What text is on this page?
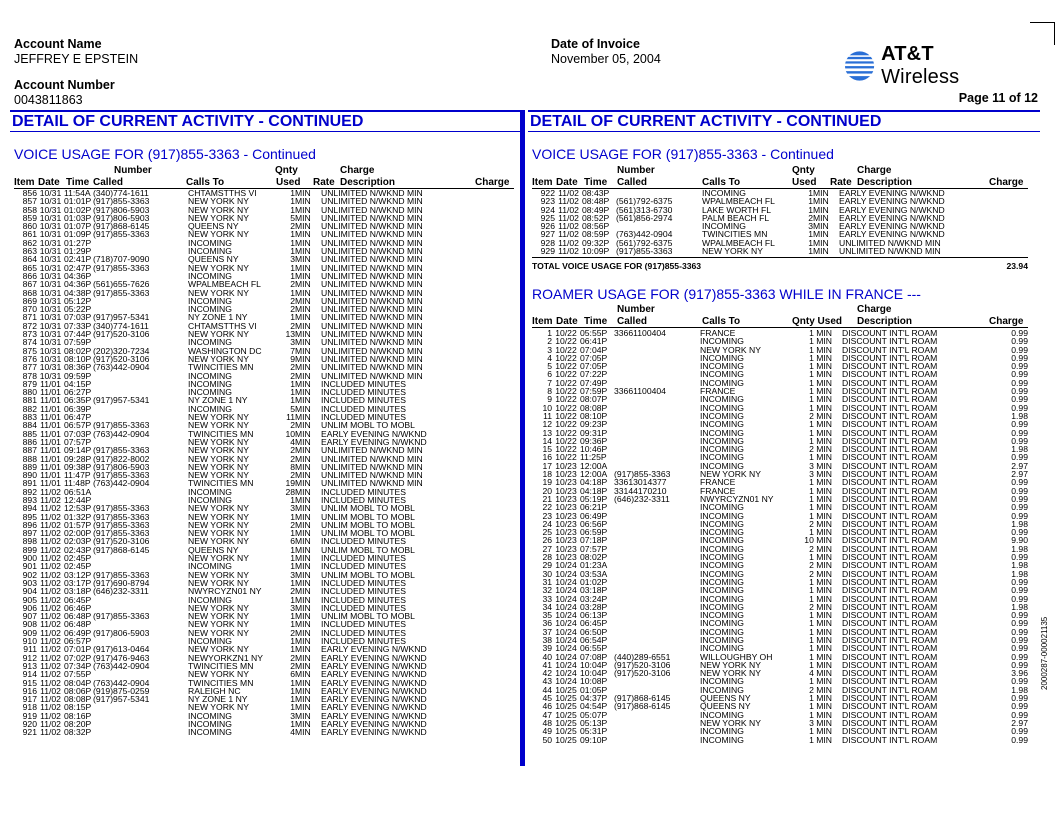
Account Name
JEFFREY E EPSTEIN
Account Number
0043811863
Date of Invoice
November 05, 2004	AT&T Wireless
Page 11 of 12
DETAIL OF CURRENT ACTIVITY - CONTINUED	DETAIL OF CURRENT ACTIVITY - CONTINUED
VOICE USAGE FOR (917)855-3363 - Continued
Number	Qnty	Charge
Item Date Time Called	Calls To	Used Rate Description	Charge
856	10/31	11:54A	(340)774-1611	CHTAMSTTHS VI	1	MIN	UNLIMITED N/WKND MIN	
857	10/31	01:01P	(917)855-3363	NEW YORK NY	1	MIN	UNLIMITED N/WKND MIN	
858	10/31	01:02P	(917)806-5903	NEW YORK NY	1	MIN	UNLIMITED N/WKND MIN	
859	10/31	01:03P	(917)806-5903	NEW YORK NY	5	MIN	UNLIMITED N/WKND MIN	
860	10/31	01:07P	(917)868-6145	QUEENS NY	2	MIN	UNLIMITED N/WKND MIN	
861	10/31	01:09P	(917)855-3363	NEW YORK NY	1	MIN	UNLIMITED N/WKND MIN	
862	10/31	01:27P		INCOMING	1	MIN	UNLIMITED N/WKND MIN	
863	10/31	01:29P		INCOMING	1	MIN	UNLIMITED N/WKND MIN	
864	10/31	02:41P	(718)707-9090	QUEENS NY	3	MIN	UNLIMITED N/WKND MIN	
865	10/31	02:47P	(917)855-3363	NEW YORK NY	1	MIN	UNLIMITED N/WKND MIN	
866	10/31	04:36P		INCOMING	1	MIN	UNLIMITED N/WKND MIN	
867	10/31	04:36P	(561)655-7626	WPALMBEACH FL	2	MIN	UNLIMITED N/WKND MIN	
868	10/31	04:38P	(917)855-3363	NEW YORK NY	1	MIN	UNLIMITED N/WKND MIN	
869	10/31	05:12P		INCOMING	2	MIN	UNLIMITED N/WKND MIN	
870	10/31	05:22P		INCOMING	2	MIN	UNLIMITED N/WKND MIN	
871	10/31	07:03P	(917)957-5341	NY ZONE 1 NY	1	MIN	UNLIMITED N/WKND MIN	
872	10/31	07:33P	(340)774-1611	CHTAMSTTHS VI	2	MIN	UNLIMITED N/WKND MIN	
873	10/31	07:44P	(917)520-3106	NEW YORK NY	13	MIN	UNLIMITED N/WKND MIN	
874	10/31	07:59P		INCOMING	3	MIN	UNLIMITED N/WKND MIN	
875	10/31	08:02P	(202)320-7234	WASHINGTON DC	7	MIN	UNLIMITED N/WKND MIN	
876	10/31	08:10P	(917)520-3106	NEW YORK NY	9	MIN	UNLIMITED N/WKND MIN	
877	10/31	08:36P	(763)442-0904	TWINCITIES MN	2	MIN	UNLIMITED N/WKND MIN	
878	10/31	09:59P		INCOMING	2	MIN	UNLIMITED N/WKND MIN	
879	11/01	04:15P		INCOMING	1	MIN	INCLUDED MINUTES	
880	11/01	06:27P		INCOMING	1	MIN	INCLUDED MINUTES	
881	11/01	06:35P	(917)957-5341	NY ZONE 1 NY	1	MIN	INCLUDED MINUTES	
882	11/01	06:39P		INCOMING	5	MIN	INCLUDED MINUTES	
883	11/01	06:47P		NEW YORK NY	11	MIN	INCLUDED MINUTES	
884	11/01	06:57P	(917)855-3363	NEW YORK NY	2	MIN	UNLIM MOBL TO MOBL	
885	11/01	07:03P	(763)442-0904	TWINCITIES MN	10	MIN	EARLY EVENING N/WKND	
886	11/01	07:57P		NEW YORK NY	4	MIN	EARLY EVENING N/WKND	
887	11/01	09:14P	(917)855-3363	NEW YORK NY	2	MIN	UNLIMITED N/WKND MIN	
888	11/01	09:28P	(917)822-8002	NEW YORK NY	2	MIN	UNLIMITED N/WKND MIN	
889	11/01	09:38P	(917)806-5903	NEW YORK NY	8	MIN	UNLIMITED N/WKND MIN	
890	11/01	11:47P	(917)855-3363	NEW YORK NY	2	MIN	UNLIMITED N/WKND MIN	
891	11/01	11:48P	(763)442-0904	TWINCITIES MN	19	MIN	UNLIMITED N/WKND MIN	
892	11/02	06:51A		INCOMING	28	MIN	INCLUDED MINUTES	
893	11/02	12:44P		INCOMING	1	MIN	INCLUDED MINUTES	
894	11/02	12:53P	(917)855-3363	NEW YORK NY	3	MIN	UNLIM MOBL TO MOBL	
895	11/02	01:32P	(917)855-3363	NEW YORK NY	1	MIN	UNLIM MOBL TO MOBL	
896	11/02	01:57P	(917)855-3363	NEW YORK NY	2	MIN	UNLIM MOBL TO MOBL	
897	11/02	02:00P	(917)855-3363	NEW YORK NY	1	MIN	UNLIM MOBL TO MOBL	
898	11/02	02:03P	(917)520-3106	NEW YORK NY	6	MIN	INCLUDED MINUTES	
899	11/02	02:43P	(917)868-6145	QUEENS NY	1	MIN	UNLIM MOBL TO MOBL	
900	11/02	02:45P		NEW YORK NY	1	MIN	INCLUDED MINUTES	
901	11/02	02:45P		INCOMING	1	MIN	INCLUDED MINUTES	
902	11/02	03:12P	(917)855-3363	NEW YORK NY	3	MIN	UNLIM MOBL TO MOBL	
903	11/02	03:17P	(917)690-8794	NEW YORK NY	1	MIN	INCLUDED MINUTES	
904	11/02	03:18P	(646)232-3311	NWYRCYZN01 NY	2	MIN	INCLUDED MINUTES	
905	11/02	06:45P		INCOMING	1	MIN	INCLUDED MINUTES	
906	11/02	06:46P		NEW YORK NY	3	MIN	INCLUDED MINUTES	
907	11/02	06:48P	(917)855-3363	NEW YORK NY	1	MIN	UNLIM MOBL TO MOBL	
908	11/02	06:48P		NEW YORK NY	1	MIN	INCLUDED MINUTES	
909	11/02	06:49P	(917)806-5903	NEW YORK NY	2	MIN	INCLUDED MINUTES	
910	11/02	06:57P		INCOMING	1	MIN	INCLUDED MINUTES	
911	11/02	07:01P	(917)613-0464	NEW YORK NY	1	MIN	EARLY EVENING N/WKND	
912	11/02	07:02P	(917)476-9463	NEWYORKZN1 NY	2	MIN	EARLY EVENING N/WKND	
913	11/02	07:34P	(763)442-0904	TWINCITIES MN	2	MIN	EARLY EVENING N/WKND	
914	11/02	07:55P		NEW YORK NY	6	MIN	EARLY EVENING N/WKND	
915	11/02	08:04P	(763)442-0904	TWINCITIES MN	1	MIN	EARLY EVENING N/WKND	
916	11/02	08:06P	(919)875-0259	RALEIGH NC	1	MIN	EARLY EVENING N/WKND	
917	11/02	08:08P	(917)957-5341	NY ZONE 1 NY	1	MIN	EARLY EVENING N/WKND	
918	11/02	08:15P		NEW YORK NY	1	MIN	EARLY EVENING N/WKND	
919	11/02	08:16P		INCOMING	3	MIN	EARLY EVENING N/WKND	
920	11/02	08:20P		INCOMING	1	MIN	EARLY EVENING N/WKND	
921	11/02	08:32P		INCOMING	4	MIN	EARLY EVENING N/WKND	
VOICE USAGE FOR (917)855-3363 - Continued
Number	Qnty	Charge
Item Date Time Called	Calls To	Used Rate Description	Charge
922	11/02	08:43P		INCOMING	1	MIN	EARLY EVENING N/WKND	
923	11/02	08:48P	(561)792-6375	WPALMBEACH FL	1	MIN	EARLY EVENING N/WKND	
924	11/02	08:49P	(561)313-6730	LAKE WORTH FL	1	MIN	EARLY EVENING N/WKND	
925	11/02	08:52P	(561)856-2974	PALM BEACH FL	2	MIN	EARLY EVENING N/WKND	
926	11/02	08:56P		INCOMING	3	MIN	EARLY EVENING N/WKND	
927	11/02	08:59P	(763)442-0904	TWINCITIES MN	1	MIN	EARLY EVENING N/WKND	
928	11/02	09:32P	(561)792-6375	WPALMBEACH FL	1	MIN	UNLIMITED N/WKND MIN	
929	11/02	10:09P	(917)855-3363	NEW YORK NY	1	MIN	UNLIMITED N/WKND MIN	
TOTAL VOICE USAGE FOR (917)855-3363	23.94
ROAMER USAGE FOR (917)855-3363 WHILE IN FRANCE ---
Number	Charge
Item Date Time Called	Calls To	Qnty Used Description	Charge
1	10/22	05:55P	33661100404	FRANCE	1 MIN		DISCOUNT INT'L ROAM	0.99
2	10/22	06:41P		INCOMING	1 MIN		DISCOUNT INT'L ROAM	0.99
3	10/22	07:04P		NEW YORK NY	1 MIN		DISCOUNT INT'L ROAM	0.99
4	10/22	07:05P		INCOMING	1 MIN		DISCOUNT INT'L ROAM	0.99
5	10/22	07:05P		INCOMING	1 MIN		DISCOUNT INT'L ROAM	0.99
6	10/22	07:22P		INCOMING	1 MIN		DISCOUNT INT'L ROAM	0.99
7	10/22	07:49P		INCOMING	1 MIN		DISCOUNT INT'L ROAM	0.99
8	10/22	07:59P	33661100404	FRANCE	1 MIN		DISCOUNT INT'L ROAM	0.99
9	10/22	08:07P		INCOMING	1 MIN		DISCOUNT INT'L ROAM	0.99
10	10/22	08:08P		INCOMING	1 MIN		DISCOUNT INT'L ROAM	0.99
11	10/22	08:10P		INCOMING	2 MIN		DISCOUNT INT'L ROAM	1.98
12	10/22	09:23P		INCOMING	1 MIN		DISCOUNT INT'L ROAM	0.99
13	10/22	09:31P		INCOMING	1 MIN		DISCOUNT INT'L ROAM	0.99
14	10/22	09:36P		INCOMING	1 MIN		DISCOUNT INT'L ROAM	0.99
15	10/22	10:46P		INCOMING	2 MIN		DISCOUNT INT'L ROAM	1.98
16	10/22	11:25P		INCOMING	1 MIN		DISCOUNT INT'L ROAM	0.99
17	10/23	12:00A		INCOMING	3 MIN		DISCOUNT INT'L ROAM	2.97
18	10/23	12:00A	(917)855-3363	NEW YORK NY	3 MIN		DISCOUNT INT'L ROAM	2.97
19	10/23	04:18P	33613014377	FRANCE	1 MIN		DISCOUNT INT'L ROAM	0.99
20	10/23	04:18P	33144170210	FRANCE	1 MIN		DISCOUNT INT'L ROAM	0.99
21	10/23	05:19P	(646)232-3311	NWYRCYZN01 NY	1 MIN		DISCOUNT INT'L ROAM	0.99
22	10/23	06:21P		INCOMING	1 MIN		DISCOUNT INT'L ROAM	0.99
23	10/23	06:49P		INCOMING	1 MIN		DISCOUNT INT'L ROAM	0.99
24	10/23	06:56P		INCOMING	2 MIN		DISCOUNT INT'L ROAM	1.98
25	10/23	06:59P		INCOMING	1 MIN		DISCOUNT INT'L ROAM	0.99
26	10/23	07:18P		INCOMING	10 MIN		DISCOUNT INT'L ROAM	9.90
27	10/23	07:57P		INCOMING	2 MIN		DISCOUNT INT'L ROAM	1.98
28	10/23	08:02P		INCOMING	1 MIN		DISCOUNT INT'L ROAM	0.99
29	10/24	01:23A		INCOMING	2 MIN		DISCOUNT INT'L ROAM	1.98
30	10/24	03:53A		INCOMING	2 MIN		DISCOUNT INT'L ROAM	1.98
31	10/24	01:02P		INCOMING	1 MIN		DISCOUNT INT'L ROAM	0.99
32	10/24	03:18P		INCOMING	1 MIN		DISCOUNT INT'L ROAM	0.99
33	10/24	03:24P		INCOMING	1 MIN		DISCOUNT INT'L ROAM	0.99
34	10/24	03:28P		INCOMING	2 MIN		DISCOUNT INT'L ROAM	1.98
35	10/24	06:13P		INCOMING	1 MIN		DISCOUNT INT'L ROAM	0.99
36	10/24	06:45P		INCOMING	1 MIN		DISCOUNT INT'L ROAM	0.99
37	10/24	06:50P		INCOMING	1 MIN		DISCOUNT INT'L ROAM	0.99
38	10/24	06:54P		INCOMING	1 MIN		DISCOUNT INT'L ROAM	0.99
39	10/24	06:55P		INCOMING	1 MIN		DISCOUNT INT'L ROAM	0.99
40	10/24	07:08P	(440)289-6551	WILLOUGHBY OH	1 MIN		DISCOUNT INT'L ROAM	0.99
41	10/24	10:04P	(917)520-3106	NEW YORK NY	1 MIN		DISCOUNT INT'L ROAM	0.99
42	10/24	10:04P	(917)520-3106	NEW YORK NY	4 MIN		DISCOUNT INT'L ROAM	3.96
43	10/24	10:08P		INCOMING	1 MIN		DISCOUNT INT'L ROAM	0.99
44	10/25	01:05P		INCOMING	2 MIN		DISCOUNT INT'L ROAM	1.98
45	10/25	04:37P	(917)868-6145	QUEENS NY	1 MIN		DISCOUNT INT'L ROAM	0.99
46	10/25	04:54P	(917)868-6145	QUEENS NY	1 MIN		DISCOUNT INT'L ROAM	0.99
47	10/25	05:07P		INCOMING	1 MIN		DISCOUNT INT'L ROAM	0.99
48	10/25	05:13P		NEW YORK NY	3 MIN		DISCOUNT INT'L ROAM	2.97
49	10/25	05:31P		INCOMING	1 MIN		DISCOUNT INT'L ROAM	0.99
50	10/25	09:10P		INCOMING	1 MIN		DISCOUNT INT'L ROAM	0.99
2000287-000021135
